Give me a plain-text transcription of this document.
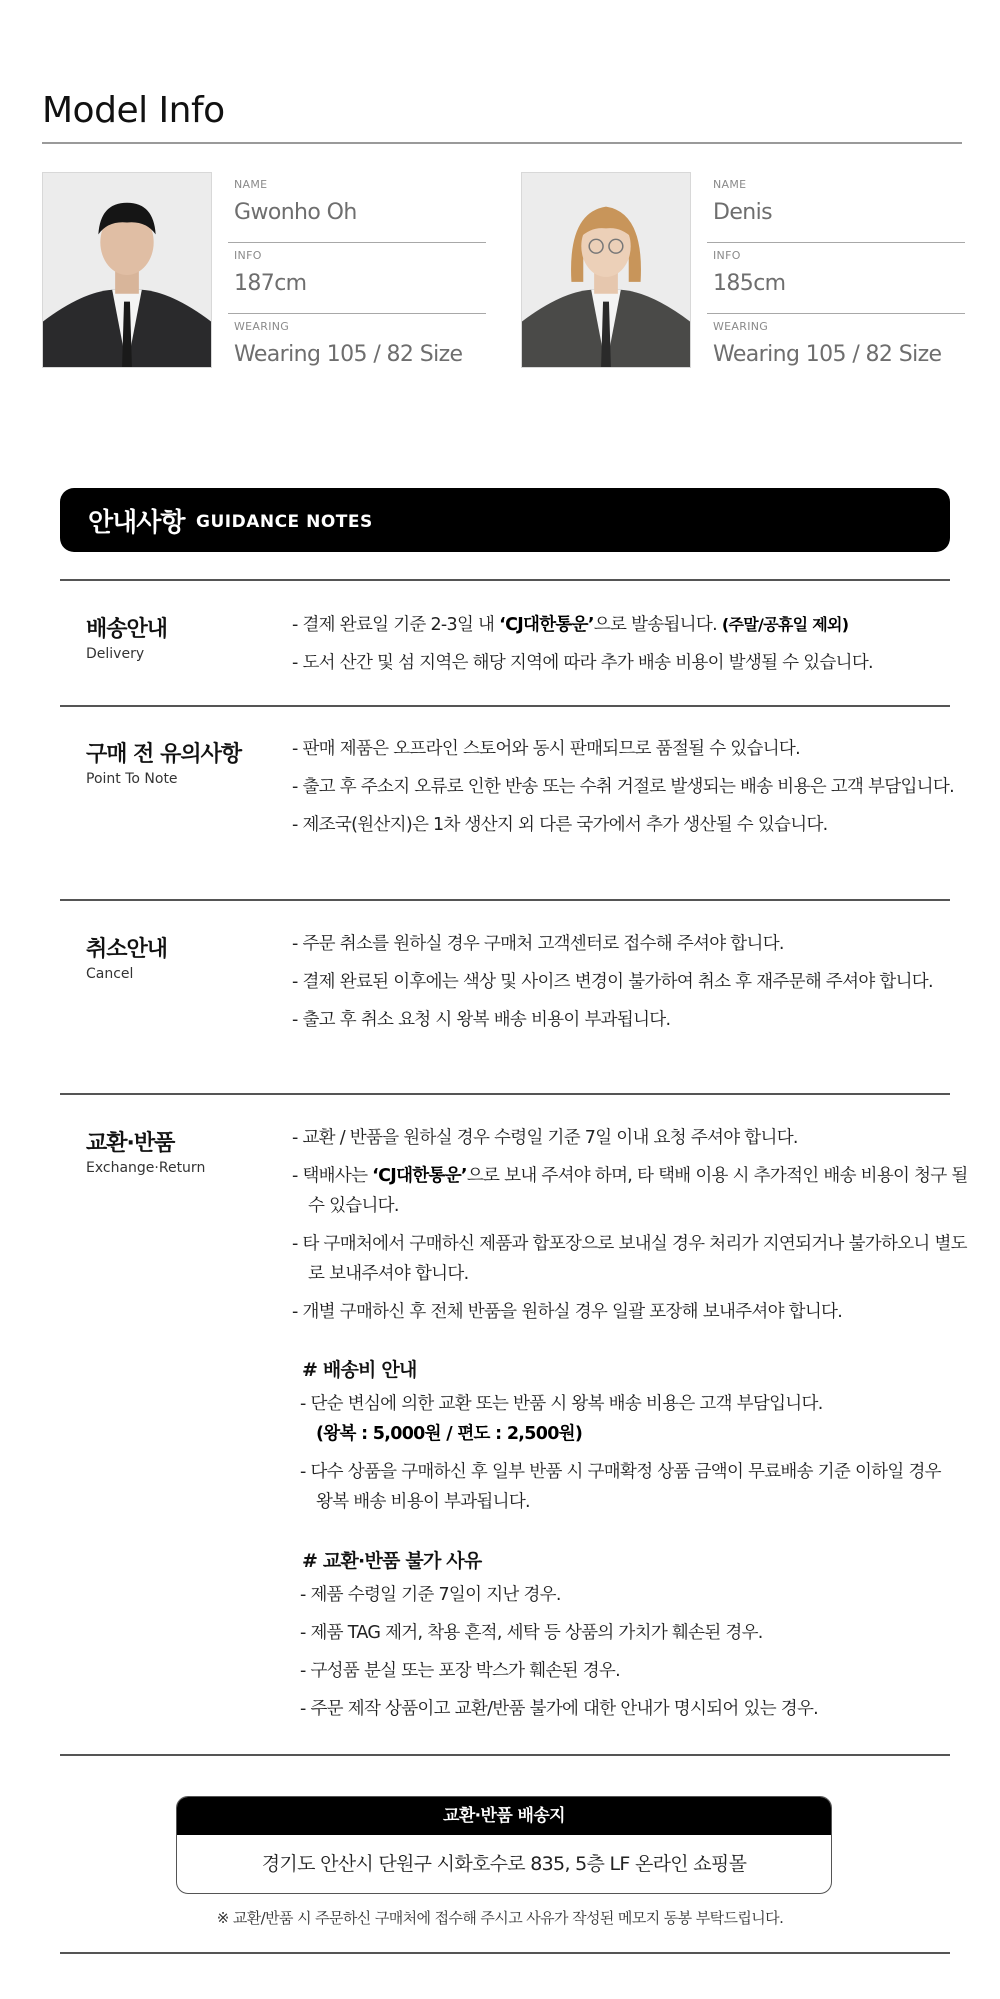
Model Info
NAME
Gwonho Oh
INFO
187cm
WEARING
Wearing 105 / 82 Size
NAME
Denis
INFO
185cm
WEARING
Wearing 105 / 82 Size
안내사항 GUIDANCE NOTES
배송안내
Delivery
- 결제 완료일 기준 2-3일 내 ‘CJ대한통운’으로 발송됩니다. (주말/공휴일 제외)
- 도서 산간 및 섬 지역은 해당 지역에 따라 추가 배송 비용이 발생될 수 있습니다.
구매 전 유의사항
Point To Note
- 판매 제품은 오프라인 스토어와 동시 판매되므로 품절될 수 있습니다.
- 출고 후 주소지 오류로 인한 반송 또는 수취 거절로 발생되는 배송 비용은 고객 부담입니다.
- 제조국(원산지)은 1차 생산지 외 다른 국가에서 추가 생산될 수 있습니다.
취소안내
Cancel
- 주문 취소를 원하실 경우 구매처 고객센터로 접수해 주셔야 합니다.
- 결제 완료된 이후에는 색상 및 사이즈 변경이 불가하여 취소 후 재주문해 주셔야 합니다.
- 출고 후 취소 요청 시 왕복 배송 비용이 부과됩니다.
교환·반품
Exchange·Return
- 교환 / 반품을 원하실 경우 수령일 기준 7일 이내 요청 주셔야 합니다.
- 택배사는 ‘CJ대한통운’으로 보내 주셔야 하며, 타 택배 이용 시 추가적인 배송 비용이 청구 될 수 있습니다.
- 타 구매처에서 구매하신 제품과 합포장으로 보내실 경우 처리가 지연되거나 불가하오니 별도로 보내주셔야 합니다.
- 개별 구매하신 후 전체 반품을 원하실 경우 일괄 포장해 보내주셔야 합니다.
# 배송비 안내
- 단순 변심에 의한 교환 또는 반품 시 왕복 배송 비용은 고객 부담입니다.
(왕복 : 5,000원 / 편도 : 2,500원)
- 다수 상품을 구매하신 후 일부 반품 시 구매확정 상품 금액이 무료배송 기준 이하일 경우 왕복 배송 비용이 부과됩니다.
# 교환·반품 불가 사유
- 제품 수령일 기준 7일이 지난 경우.
- 제품 TAG 제거, 착용 흔적, 세탁 등 상품의 가치가 훼손된 경우.
- 구성품 분실 또는 포장 박스가 훼손된 경우.
- 주문 제작 상품이고 교환/반품 불가에 대한 안내가 명시되어 있는 경우.
교환·반품 배송지
경기도 안산시 단원구 시화호수로 835, 5층 LF 온라인 쇼핑몰
※ 교환/반품 시 주문하신 구매처에 접수해 주시고 사유가 작성된 메모지 동봉 부탁드립니다.
